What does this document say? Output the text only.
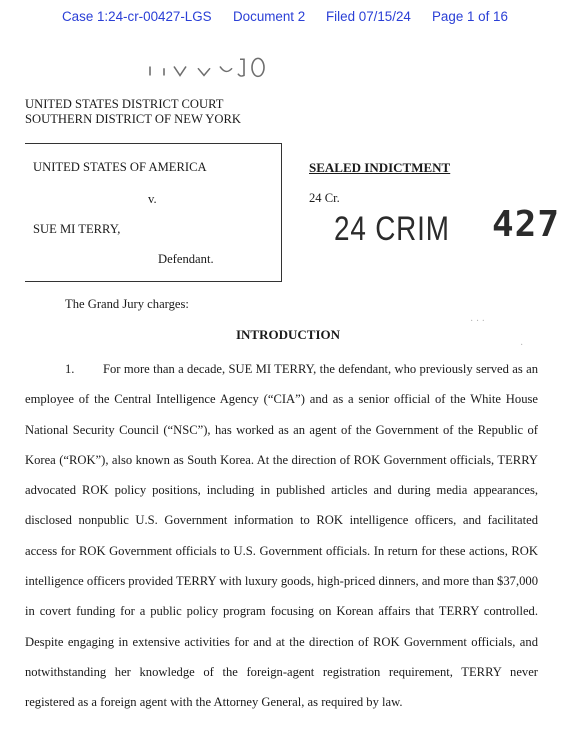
Case 1:24-cr-00427-LGS Document 2 Filed 07/15/24 Page 1 of 16
UNITED STATES DISTRICT COURT
SOUTHERN DISTRICT OF NEW YORK
UNITED STATES OF AMERICA
v.
SUE MI TERRY,
Defendant.
SEALED INDICTMENT
24 Cr.
24 CRIM 427
The Grand Jury charges:
INTRODUCTION
· · ·
·
1. For more than a decade, SUE MI TERRY, the defendant, who previously served as an employee of the Central Intelligence Agency (“CIA”) and as a senior official of the White House National Security Council (“NSC”), has worked as an agent of the Government of the Republic of Korea (“ROK”), also known as South Korea. At the direction of ROK Government officials, TERRY advocated ROK policy positions, including in published articles and during media appearances, disclosed nonpublic U.S. Government information to ROK intelligence officers, and facilitated access for ROK Government officials to U.S. Government officials. In return for these actions, ROK intelligence officers provided TERRY with luxury goods, high-priced dinners, and more than $37,000 in covert funding for a public policy program focusing on Korean affairs that TERRY controlled. Despite engaging in extensive activities for and at the direction of ROK Government officials, and notwithstanding her knowledge of the foreign-agent registration requirement, TERRY never registered as a foreign agent with the Attorney General, as required by law.
